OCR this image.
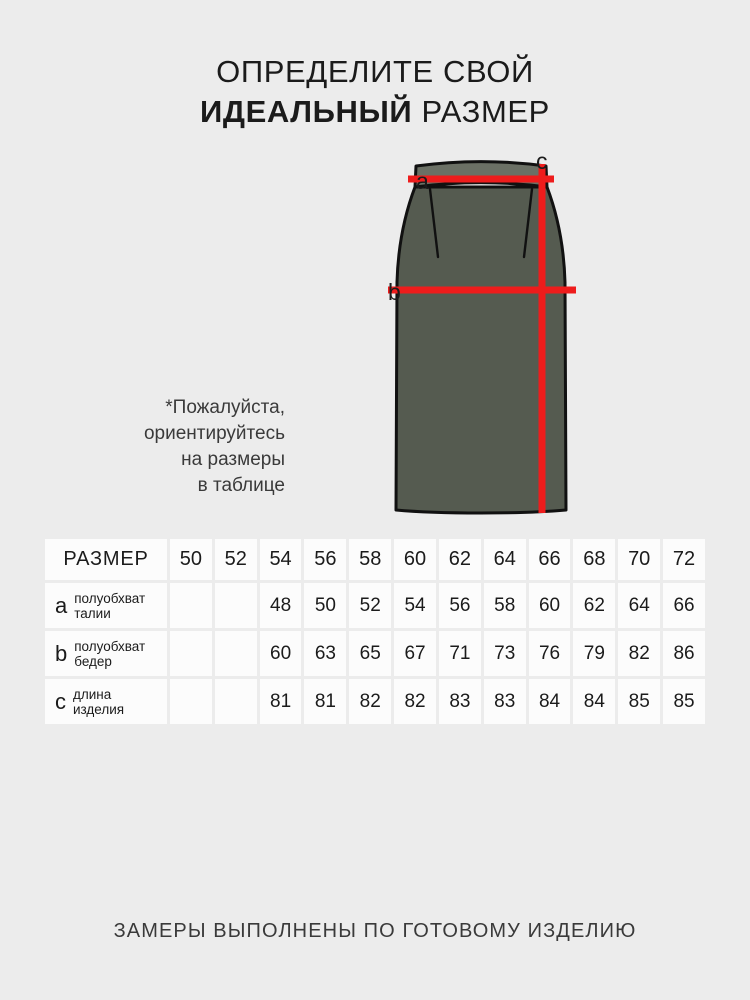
ОПРЕДЕЛИТЕ СВОЙ
ИДЕАЛЬНЫЙ РАЗМЕР
*Пожалуйста,
ориентируйтесь
на размеры
в таблице
a
b
c
РАЗМЕР	50	52	54	56	58	60	62	64	66	68	70	72

a полуобхват
талии			48	50	52	54	56	58	60	62	64	66

b полуобхват
бедер			60	63	65	67	71	73	76	79	82	86

c длина
изделия			81	81	82	82	83	83	84	84	85	85
ЗАМЕРЫ ВЫПОЛНЕНЫ ПО ГОТОВОМУ ИЗДЕЛИЮ
